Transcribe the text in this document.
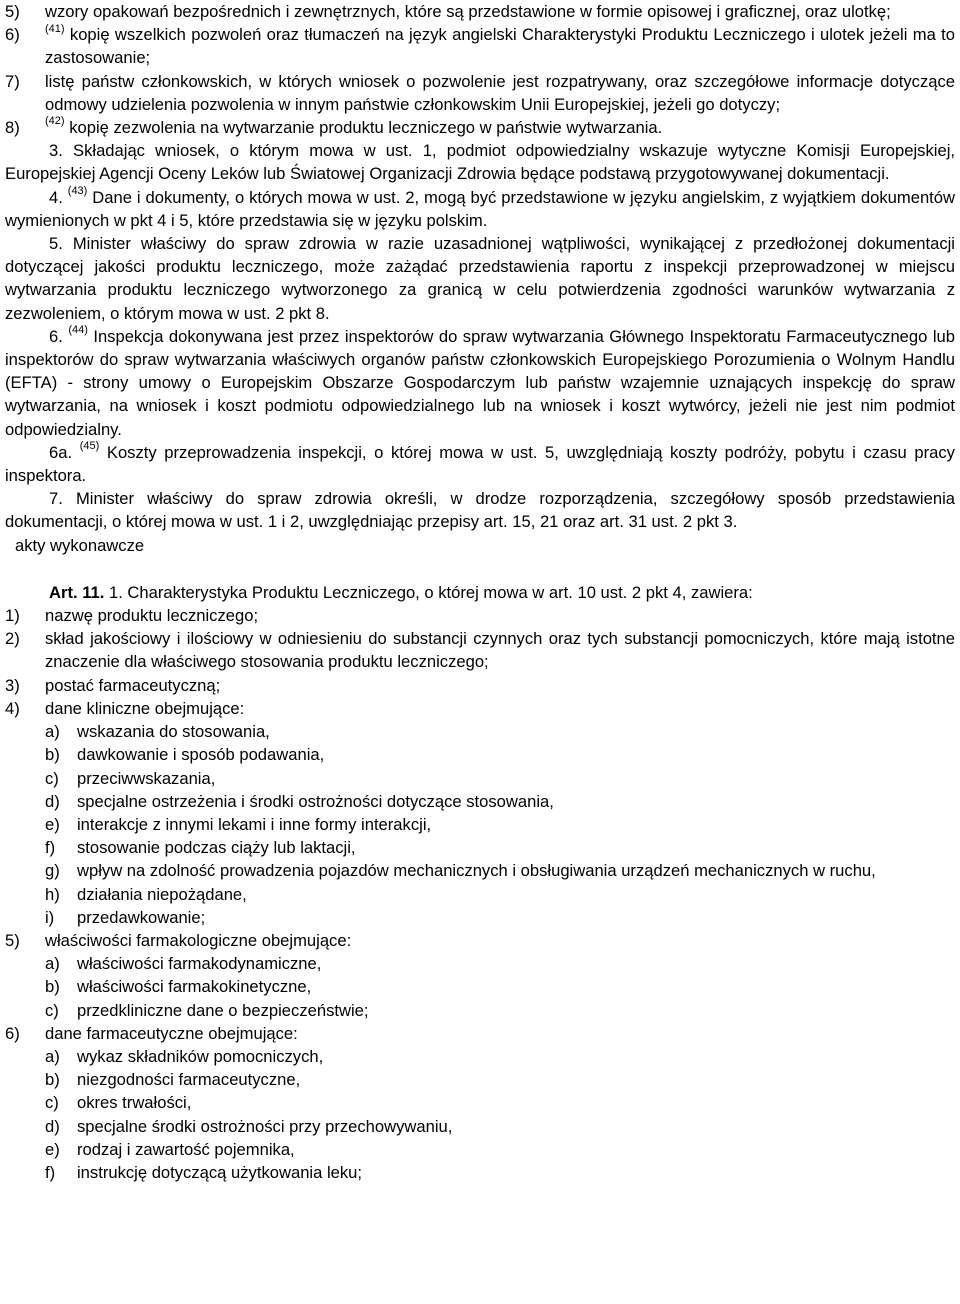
5)	wzory opakowań bezpośrednich i zewnętrznych, które są przedstawione w formie opisowej i graficznej, oraz ulotkę;
6)	$^{(41)}$ kopię wszelkich pozwoleń oraz tłumaczeń na język angielski Charakterystyki Produktu Leczniczego i ulotek jeżeli ma to zastosowanie;
7)	listę państw członkowskich, w których wniosek o pozwolenie jest rozpatrywany, oraz szczegółowe informacje dotyczące odmowy udzielenia pozwolenia w innym państwie członkowskim Unii Europejskiej, jeżeli go dotyczy;
8)	$^{(42)}$ kopię zezwolenia na wytwarzanie produktu leczniczego w państwie wytwarzania.
3. Składając wniosek, o którym mowa w ust. 1, podmiot odpowiedzialny wskazuje wytyczne Komisji Europejskiej, Europejskiej Agencji Oceny Leków lub Światowej Organizacji Zdrowia będące podstawą przygotowywanej dokumentacji.
4. $^{(43)}$ Dane i dokumenty, o których mowa w ust. 2, mogą być przedstawione w języku angielskim, z wyjątkiem dokumentów wymienionych w pkt 4 i 5, które przedstawia się w języku polskim.
5. Minister właściwy do spraw zdrowia w razie uzasadnionej wątpliwości, wynikającej z przedłożonej dokumentacji dotyczącej jakości produktu leczniczego, może zażądać przedstawienia raportu z inspekcji przeprowadzonej w miejscu wytwarzania produktu leczniczego wytworzonego za granicą w celu potwierdzenia zgodności warunków wytwarzania z zezwoleniem, o którym mowa w ust. 2 pkt 8.
6. $^{(44)}$ Inspekcja dokonywana jest przez inspektorów do spraw wytwarzania Głównego Inspektoratu Farmaceutycznego lub inspektorów do spraw wytwarzania właściwych organów państw członkowskich Europejskiego Porozumienia o Wolnym Handlu (EFTA) - strony umowy o Europejskim Obszarze Gospodarczym lub państw wzajemnie uznających inspekcję do spraw wytwarzania, na wniosek i koszt podmiotu odpowiedzialnego lub na wniosek i koszt wytwórcy, jeżeli nie jest nim podmiot odpowiedzialny.
6a. $^{(45)}$ Koszty przeprowadzenia inspekcji, o której mowa w ust. 5, uwzględniają koszty podróży, pobytu i czasu pracy inspektora.
7. Minister właściwy do spraw zdrowia określi, w drodze rozporządzenia, szczegółowy sposób przedstawienia dokumentacji, o której mowa w ust. 1 i 2, uwzględniając przepisy art. 15, 21 oraz art. 31 ust. 2 pkt 3.
akty wykonawcze
Art. 11. 1. Charakterystyka Produktu Leczniczego, o której mowa w art. 10 ust. 2 pkt 4, zawiera:
1)	nazwę produktu leczniczego;
2)	skład jakościowy i ilościowy w odniesieniu do substancji czynnych oraz tych substancji pomocniczych, które mają istotne znaczenie dla właściwego stosowania produktu leczniczego;
3)	postać farmaceutyczną;
4)	dane kliniczne obejmujące:
a)	wskazania do stosowania,
b)	dawkowanie i sposób podawania,
c)	przeciwwskazania,
d)	specjalne ostrzeżenia i środki ostrożności dotyczące stosowania,
e)	interakcje z innymi lekami i inne formy interakcji,
f)	stosowanie podczas ciąży lub laktacji,
g)	wpływ na zdolność prowadzenia pojazdów mechanicznych i obsługiwania urządzeń mechanicznych w ruchu,
h)	działania niepożądane,
i)	przedawkowanie;
5)	właściwości farmakologiczne obejmujące:
a)	właściwości farmakodynamiczne,
b)	właściwości farmakokinetyczne,
c)	przedkliniczne dane o bezpieczeństwie;
6)	dane farmaceutyczne obejmujące:
a)	wykaz składników pomocniczych,
b)	niezgodności farmaceutyczne,
c)	okres trwałości,
d)	specjalne środki ostrożności przy przechowywaniu,
e)	rodzaj i zawartość pojemnika,
f)	instrukcję dotyczącą użytkowania leku;
